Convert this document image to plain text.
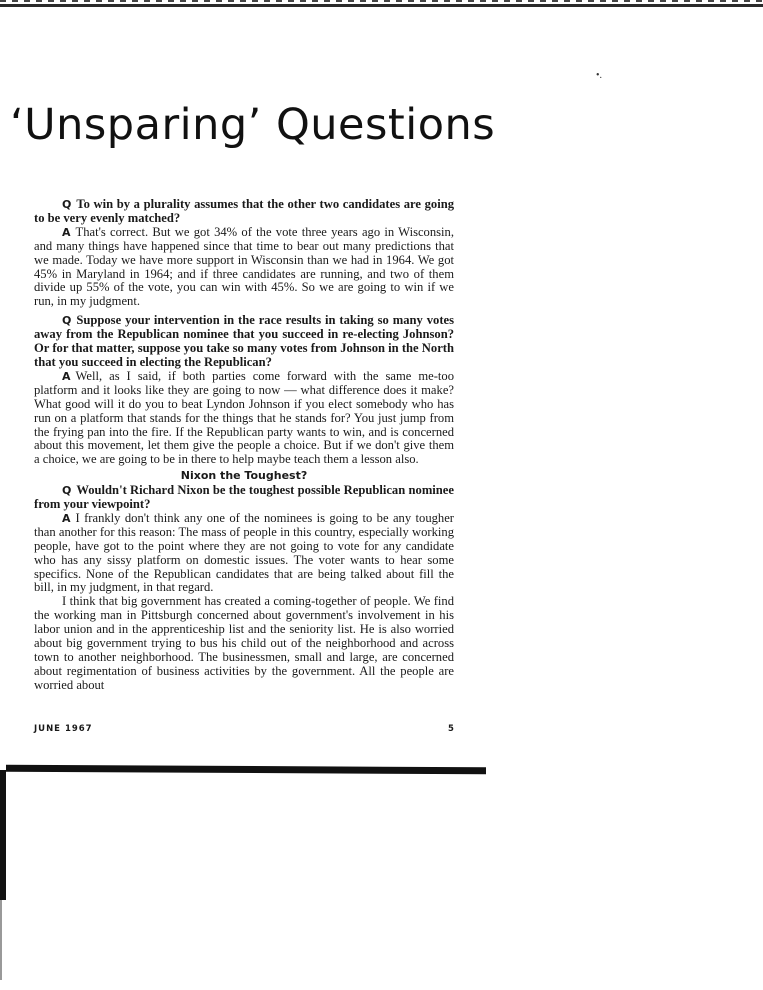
•.
‘Unsparing’ Questions

Q To win by a plurality assumes that the other two candidates are going to be very evenly matched?

A That's correct. But we got 34% of the vote three years ago in Wisconsin, and many things have happened since that time to bear out many predictions that we made. Today we have more support in Wisconsin than we had in 1964. We got 45% in Maryland in 1964; and if three candidates are running, and two of them divide up 55% of the vote, you can win with 45%. So we are going to win if we run, in my judgment.

Q Suppose your intervention in the race results in taking so many votes away from the Republican nominee that you succeed in re-electing Johnson? Or for that matter, suppose you take so many votes from Johnson in the North that you succeed in electing the Republican?

A Well, as I said, if both parties come forward with the same me-too platform and it looks like they are going to now — what difference does it make? What good will it do you to beat Lyndon Johnson if you elect somebody who has run on a platform that stands for the things that he stands for? You just jump from the frying pan into the fire. If the Republican party wants to win, and is concerned about this movement, let them give the people a choice. But if we don't give them a choice, we are going to be in there to help maybe teach them a lesson also.

Nixon the Toughest?

Q Wouldn't Richard Nixon be the toughest possible Republican nominee from your viewpoint?

A I frankly don't think any one of the nominees is going to be any tougher than another for this reason: The mass of people in this country, especially working people, have got to the point where they are not going to vote for any candidate who has any sissy platform on domestic issues. The voter wants to hear some specifics. None of the Republican candidates that are being talked about fill the bill, in my judgment, in that regard.

I think that big government has created a coming-together of people. We find the working man in Pittsburgh concerned about government's involvement in his labor union and in the apprenticeship list and the seniority list. He is also worried about big government trying to bus his child out of the neighborhood and across town to another neighborhood. The businessmen, small and large, are concerned about regimentation of business activities by the government. All the people are worried about

JUNE 1967	5
